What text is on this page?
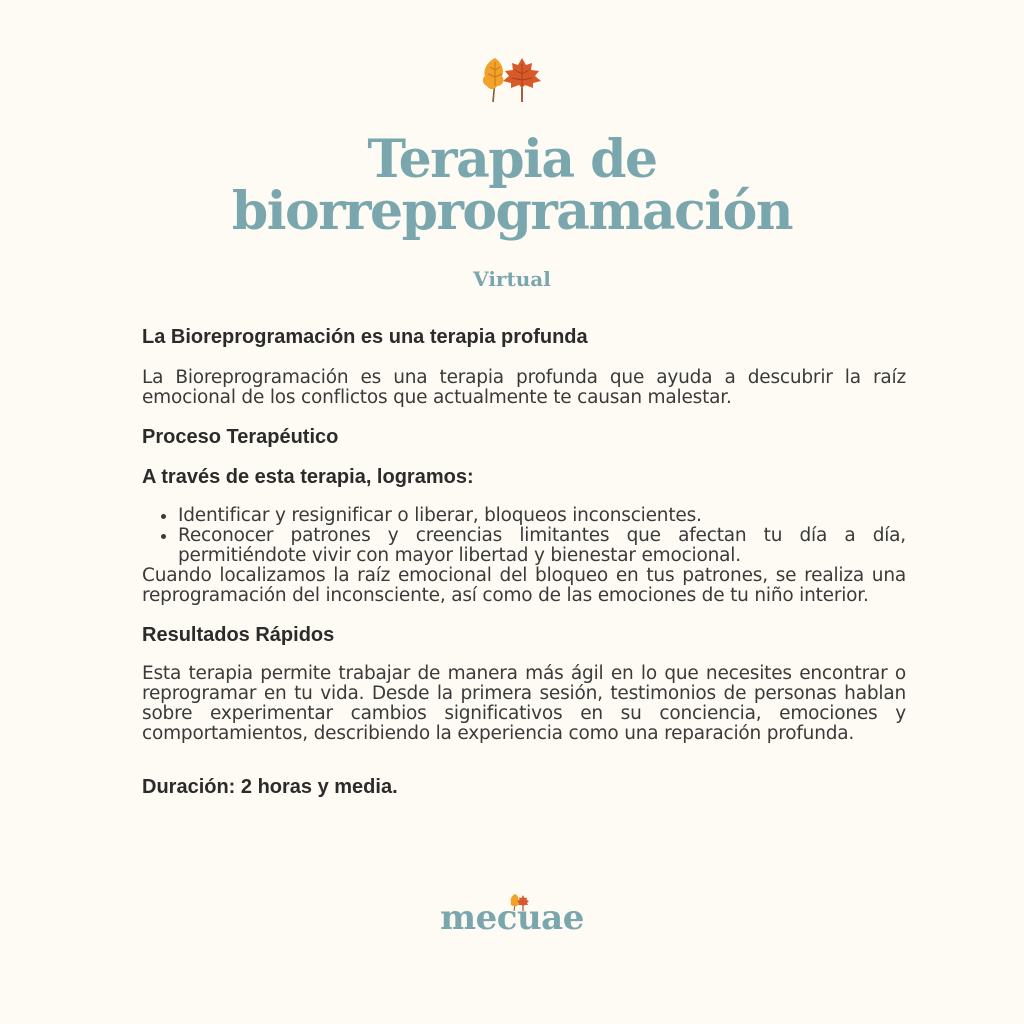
Terapia de biorreprogramación
Virtual
La Bioreprogramación es una terapia profunda

La Bioreprogramación es una terapia profunda que ayuda a descubrir la raíz emocional de los conflictos que actualmente te causan malestar.

Proceso Terapéutico
A través de esta terapia, logramos:
• Identificar y resignificar o liberar, bloqueos inconscientes.
• Reconocer patrones y creencias limitantes que afectan tu día a día, permitiéndote vivir con mayor libertad y bienestar emocional.

Cuando localizamos la raíz emocional del bloqueo en tus patrones, se realiza una reprogramación del inconsciente, así como de las emociones de tu niño interior.

Resultados Rápidos

Esta terapia permite trabajar de manera más ágil en lo que necesites encontrar o reprogramar en tu vida. Desde la primera sesión, testimonios de personas hablan sobre experimentar cambios significativos en su conciencia, emociones y comportamientos, describiendo la experiencia como una reparación profunda.

Duración: 2 horas y media.
mecuae
